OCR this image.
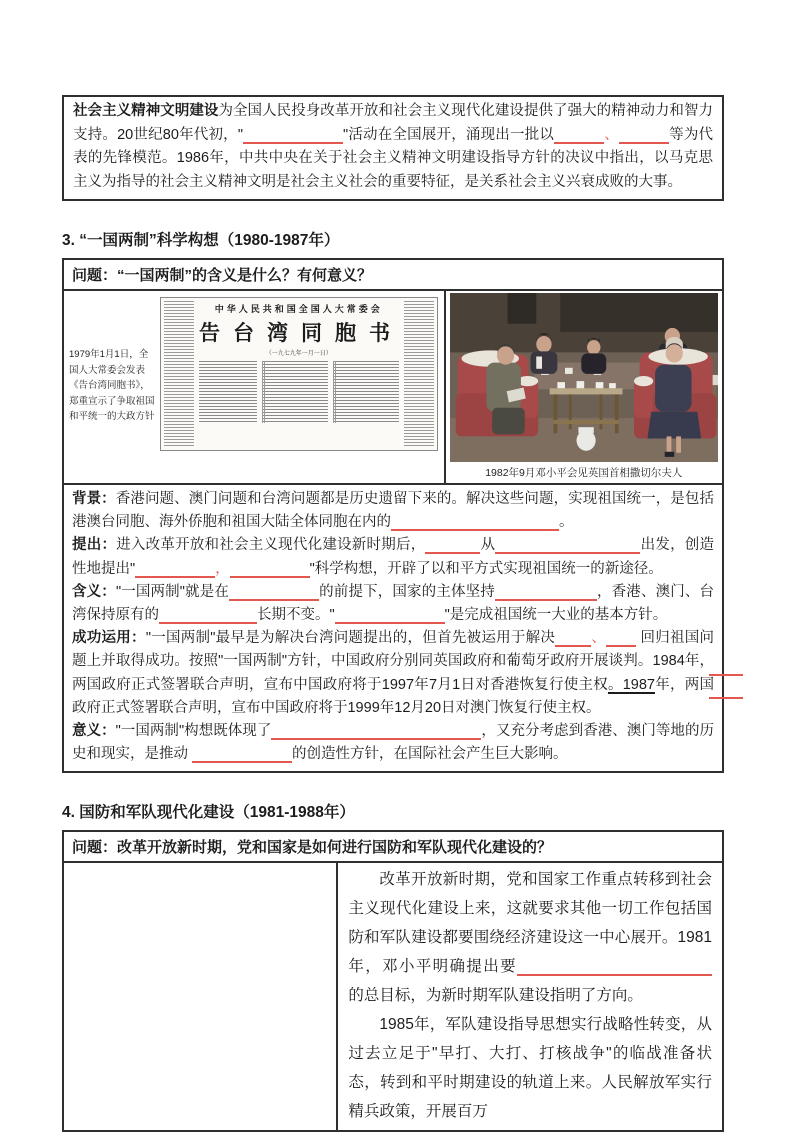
社会主义精神文明建设为全国人民投身改革开放和社会主义现代化建设提供了强大的精神动力和智力支持。20世纪80年代初，"	"活动在全国展开，涌现出一批以	、	等为代表的先锋模范。1986年，中共中央在关于社会主义精神文明建设指导方针的决议中指出，以马克思主义为指导的社会主义精神文明是社会主义社会的重要特征，是关系社会主义兴衰成败的大事。

3. “一国两制”科学构想（1980-1987年）
问题：“一国两制”的含义是什么？有何意义？
1979年1月1日，全国人大常委会发表《告台湾同胞书》，郑重宣示了争取祖国和平统一的大政方针
中华人民共和国全国人大常委会
告台湾同胞书
（一九七九年一月一日）
1982年9月邓小平会见英国首相撒切尔夫人

背景：香港问题、澳门问题和台湾问题都是历史遗留下来的。解决这些问题，实现祖国统一，是包括港澳台同胞、海外侨胞和祖国大陆全体同胞在内的	。

提出：进入改革开放和社会主义现代化建设新时期后，	从	出发，创造性地提出"	，	"科学构想，开辟了以和平方式实现祖国统一的新途径。

含义："一国两制"就是在	的前提下，国家的主体坚持	，香港、澳门、台湾保持原有的	长期不变。"	"是完成祖国统一大业的基本方针。

成功运用："一国两制"最早是为解决台湾问题提出的，但首先被运用于解决 、 回归祖国问题上并取得成功。按照"一国两制"方针，中国政府分别同英国政府和葡萄牙政府开展谈判。1984年，两国政府正式签署联合声明，宣布中国政府将于1997年7月1日对香港恢复行使主权。1987年，两国政府正式签署联合声明，宣布中国政府将于1999年12月20日对澳门恢复行使主权。

意义："一国两制"构想既体现了	，又充分考虑到香港、澳门等地的历史和现实，是推动	的创造性方针，在国际社会产生巨大影响。

4. 国防和军队现代化建设（1981-1988年）
问题：改革开放新时期，党和国家是如何进行国防和军队现代化建设的？

改革开放新时期，党和国家工作重点转移到社会主义现代化建设上来，这就要求其他一切工作包括国防和军队建设都要围绕经济建设这一中心展开。1981年，邓小平明确提出要的总目标，为新时期军队建设指明了方向。

1985年，军队建设指导思想实行战略性转变，从过去立足于"早打、大打、打核战争"的临战准备状态，转到和平时期建设的轨道上来。人民解放军实行精兵政策，开展百万
